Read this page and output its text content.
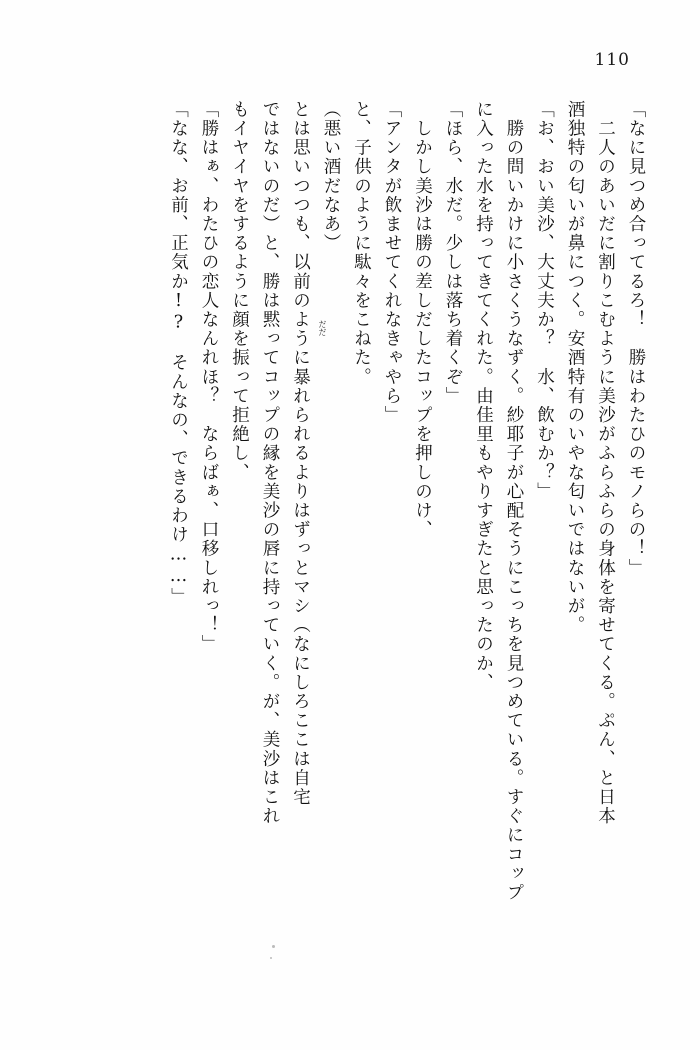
110
「なに見つめ合ってるろ！　勝はわたひのモノらの！」
　二人のあいだに割りこむように美沙がふらふらの身体を寄せてくる。ぷん、と日本
酒独特の匂いが鼻につく。安酒特有のいやな匂いではないが。
「お、おい美沙、大丈夫か？　水、飲むか？」
　勝の問いかけに小さくうなずく。紗耶子が心配そうにこっちを見つめている。すぐにコップ
に入った水を持ってきてくれた。由佳里もやりすぎたと思ったのか、
「ほら、水だ。少しは落ち着くぞ」
　しかし美沙は勝の差しだしたコップを押しのけ、
「アンタが飲ませてくれなきゃやら」
と、子供のように駄々をこねた。
（悪い酒だなあ）
とは思いつつも、以前のように暴れられるよりはずっとマシ（なにしろここは自宅
ではないのだ）と、勝は黙ってコップの縁を美沙の唇に持っていく。が、美沙はこれ
もイヤイヤをするように顔を振って拒絶し、
「勝はぁ、わたひの恋人なんれほ？　ならばぁ、口移しれっ！」
「なな、お前、正気か!?　そんなの、できるわけ……」	だだ
